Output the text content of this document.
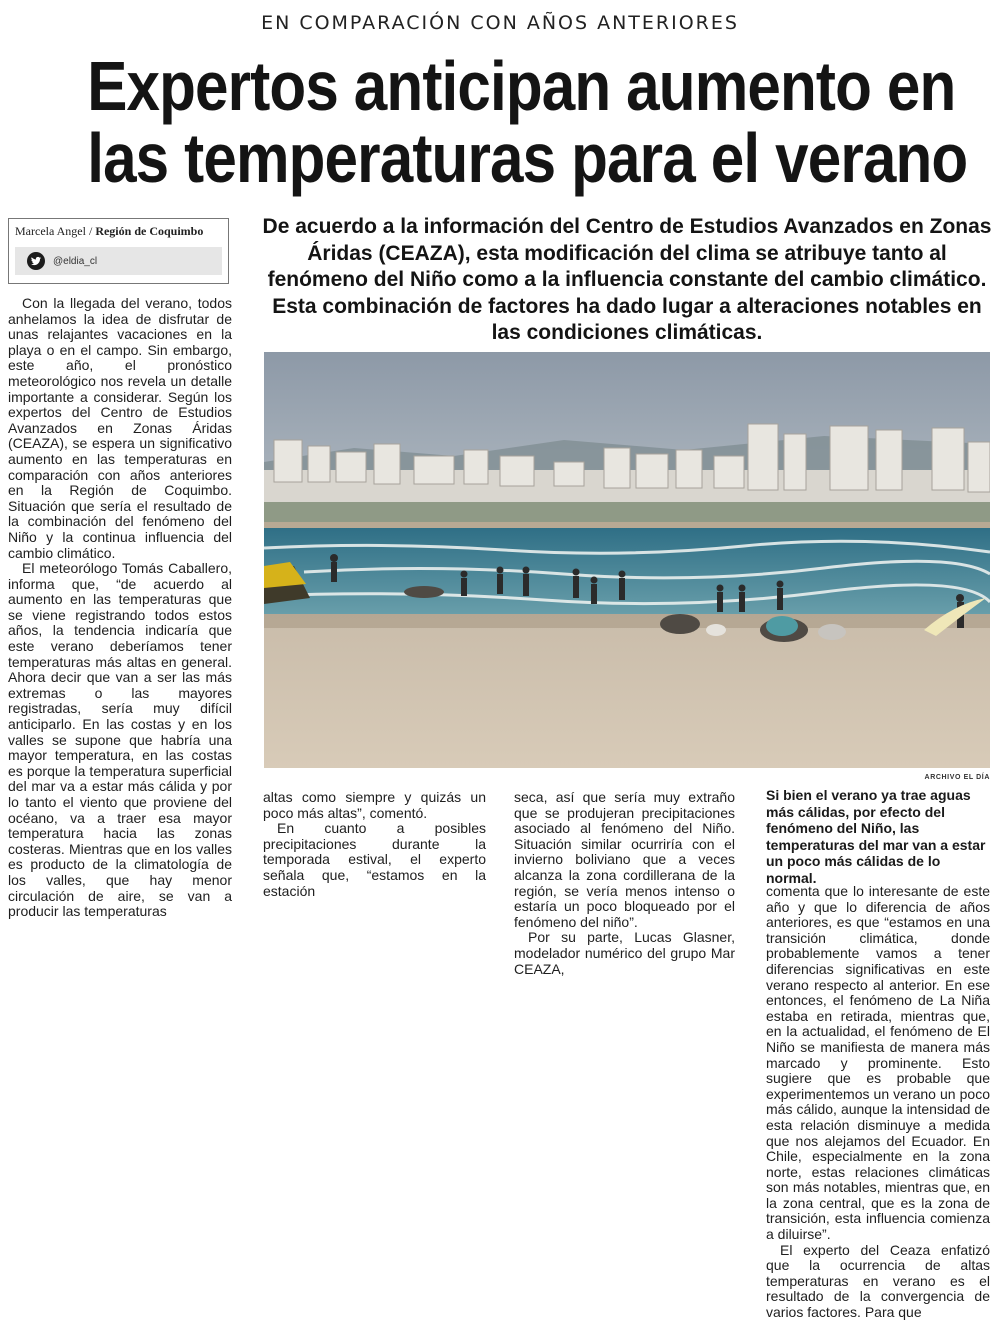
EN COMPARACIÓN CON AÑOS ANTERIORES
Expertos anticipan aumento en
las temperaturas para el verano
Marcela Angel / Región de Coquimbo
@eldia_cl
De acuerdo a la información del Centro de Estudios Avanzados en Zonas Áridas (CEAZA), esta modificación del clima se atribuye tanto al fenómeno del Niño como a la influencia constante del cambio climático. Esta combinación de factores ha dado lugar a alteraciones notables en las condiciones climáticas.

Con la llegada del verano, todos anhelamos la idea de disfrutar de unas relajantes vacaciones en la playa o en el campo. Sin embargo, este año, el pronóstico meteorológico nos revela un detalle importante a considerar. Según los expertos del Centro de Estudios Avanzados en Zonas Áridas (CEAZA), se espera un significativo aumento en las temperaturas en comparación con años anteriores en la Región de Coquimbo. Situación que sería el resultado de la combinación del fenómeno del Niño y la continua influencia del cambio climático.

El meteorólogo Tomás Caballero, informa que, “de acuerdo al aumento en las temperaturas que se viene registrando todos estos años, la tendencia indicaría que este verano deberíamos tener temperaturas más altas en general. Ahora decir que van a ser las más extremas o las mayores registradas, sería muy difícil anticiparlo. En las costas y en los valles se supone que habría una mayor temperatura, en las costas es porque la temperatura superficial del mar va a estar más cálida y por lo tanto el viento que proviene del océano, va a traer esa mayor temperatura hacia las zonas costeras. Mientras que en los valles es producto de la climatología de los valles, que hay menor circulación de aire, se van a producir las temperaturas

ARCHIVO EL DÍA
Si bien el verano ya trae aguas más cálidas, por efecto del fenómeno del Niño, las temperaturas del mar van a estar un poco más cálidas de lo normal.

altas como siempre y quizás un poco más altas”, comentó.

En cuanto a posibles precipitaciones durante la temporada estival, el experto señala que, “estamos en la estación

seca, así que sería muy extraño que se produjeran precipitaciones asociado al fenómeno del Niño. Situación similar ocurriría con el invierno boliviano que a veces alcanza la zona cordillerana de la región, se vería menos intenso o estaría un poco bloqueado por el fenómeno del niño”.

Por su parte, Lucas Glasner, modelador numérico del grupo Mar CEAZA,

comenta que lo interesante de este año y que lo diferencia de años anteriores, es que “estamos en una transición climática, donde probablemente vamos a tener diferencias significativas en este verano respecto al anterior. En ese entonces, el fenómeno de La Niña estaba en retirada, mientras que, en la actualidad, el fenómeno de El Niño se manifiesta de manera más marcado y prominente. Esto sugiere que es probable que experimentemos un verano un poco más cálido, aunque la intensidad de esta relación disminuye a medida que nos alejamos del Ecuador. En Chile, especialmente en la zona norte, estas relaciones climáticas son más notables, mientras que, en la zona central, que es la zona de transición, esta influencia comienza a diluirse”.

El experto del Ceaza enfatizó que la ocurrencia de altas temperaturas en verano es el resultado de la convergencia de varios factores. Para que
